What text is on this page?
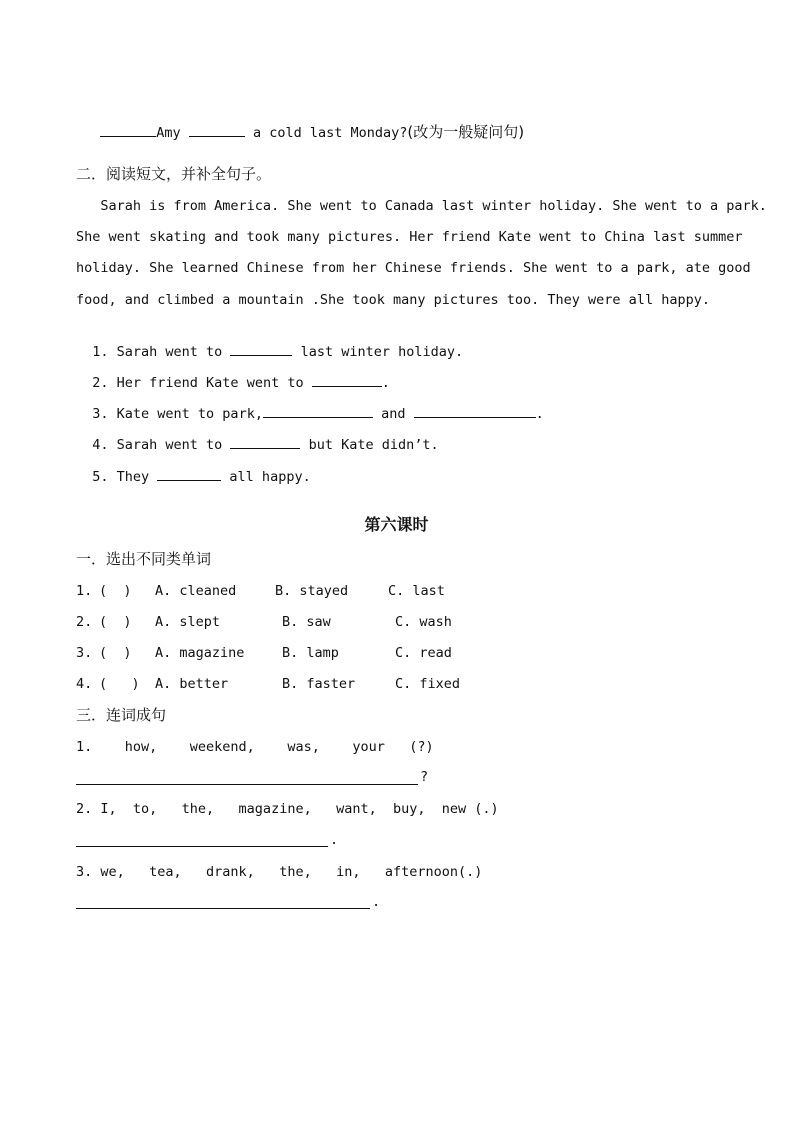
Amy	a cold last Monday?(改为一般疑问句)

二．阅读短文，并补全句子。
Sarah is from America. She went to Canada last winter holiday. She went to a park.
She went skating and took many pictures. Her friend Kate went to China last summer
holiday. She learned Chinese from her Chinese friends. She went to a park, ate good
food, and climbed a mountain .She took many pictures too. They were all happy.

1. Sarah went to	last winter holiday.

2. Her friend Kate went to	.

3. Kate went to park,	and	.

4. Sarah went to	but Kate didn’t.

5. They	all happy.

第六课时
一．选出不同类单词
1. (  ) A. cleaned	B. stayed	C. last
2. (  ) A. slept	B. saw	C. wash
3. (  ) A. magazine	B. lamp	C. read
4. (   ) A. better	B. faster	C. fixed
三．连词成句
1.    how,    weekend,    was,    your   (?)
?
2. I,  to,   the,   magazine,   want,  buy,  new (.)
.
3. we,   tea,   drank,   the,   in,   afternoon(.)
.
